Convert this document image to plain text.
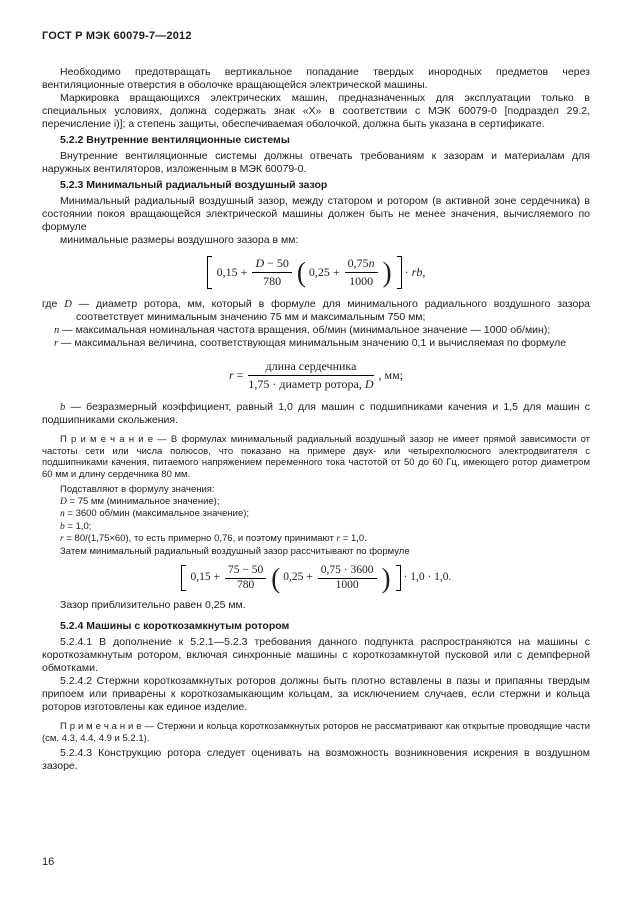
ГОСТ Р МЭК 60079-7—2012

Необходимо предотвращать вертикальное попадание твердых инородных предметов через вентиляционные отверстия в оболочке вращающейся электрической машины.

Маркировка вращающихся электрических машин, предназначенных для эксплуатации только в специальных условиях, должна содержать знак «Х» в соответствии с МЭК 60079-0 [подраздел 29.2, перечисление i)]; а степень защиты, обеспечиваемая оболочкой, должна быть указана в сертификате.

5.2.2 Внутренние вентиляционные системы

Внутренние вентиляционные системы должны отвечать требованиям к зазорам и материалам для наружных вентиляторов, изложенным в МЭК 60079-0.

5.2.3 Минимальный радиальный воздушный зазор

Минимальный радиальный воздушный зазор, между статором и ротором (в активной зоне сердечника) в состоянии покоя вращающейся электрической машины должен быть не менее значения, вычисляемого по формуле

минимальные размеры воздушного зазора в мм:

$0,15 + \frac{D - 50}{780}$ ( $0,25 + \frac{0,75n}{1000}$ ) · rb,

где D — диаметр ротора, мм, который в формуле для минимального радиального воздушного зазора соответствует минимальным значению 75 мм и максимальным 750 мм;

n — максимальная номинальная частота вращения, об/мин (минимальное значение — 1000 об/мин);

r — максимальная величина, соответствующая минимальным значению 0,1 и вычисляемая по формуле

$r = \frac{\text{длина сердечника}}{\text{1,75 · диаметр ротора, D}}$ , мм;

b — безразмерный коэффициент, равный 1,0 для машин с подшипниками качения и 1,5 для машин с подшипниками скольжения.

П р и м е ч а н и е — В формулах минимальный радиальный воздушный зазор не имеет прямой зависимости от частоты сети или числа полюсов, что показано на примере двух- или четырехполюсного электродвигателя с подшипниками качения, питаемого напряжением переменного тока частотой от 50 до 60 Гц, имеющего ротор диаметром 60 мм и длину сердечника 80 мм.

Подставляют в формулу значения:

D = 75 мм (минимальное значение);

n = 3600 об/мин (максимальное значение);

b = 1,0;

r = 80/(1,75×60), то есть примерно 0,76, и поэтому принимают r = 1,0.

Затем минимальный радиальный воздушный зазор рассчитывают по формуле

$0,15 + \frac{75 - 50}{780}$ ( $0,25 + \frac{0,75 \cdot 3600}{1000}$ ) · 1,0 · 1,0.

Зазор приблизительно равен 0,25 мм.

5.2.4 Машины с короткозамкнутым ротором

5.2.4.1 В дополнение к 5.2.1—5.2.3 требования данного подпункта распространяются на машины с короткозамкнутым ротором, включая синхронные машины с короткозамкнутой пусковой или с демпферной обмотками.

5.2.4.2 Стержни короткозамкнутых роторов должны быть плотно вставлены в пазы и припаяны твердым припоем или приварены к короткозамыкающим кольцам, за исключением случаев, если стержни и кольца роторов изготовлены как единое изделие.

П р и м е ч а н и е — Стержни и кольца короткозамкнутых роторов не рассматривают как открытые проводящие части (см. 4.3, 4.4, 4.9 и 5.2.1).

5.2.4.3 Конструкцию ротора следует оценивать на возможность возникновения искрения в воздушном зазоре.

16
